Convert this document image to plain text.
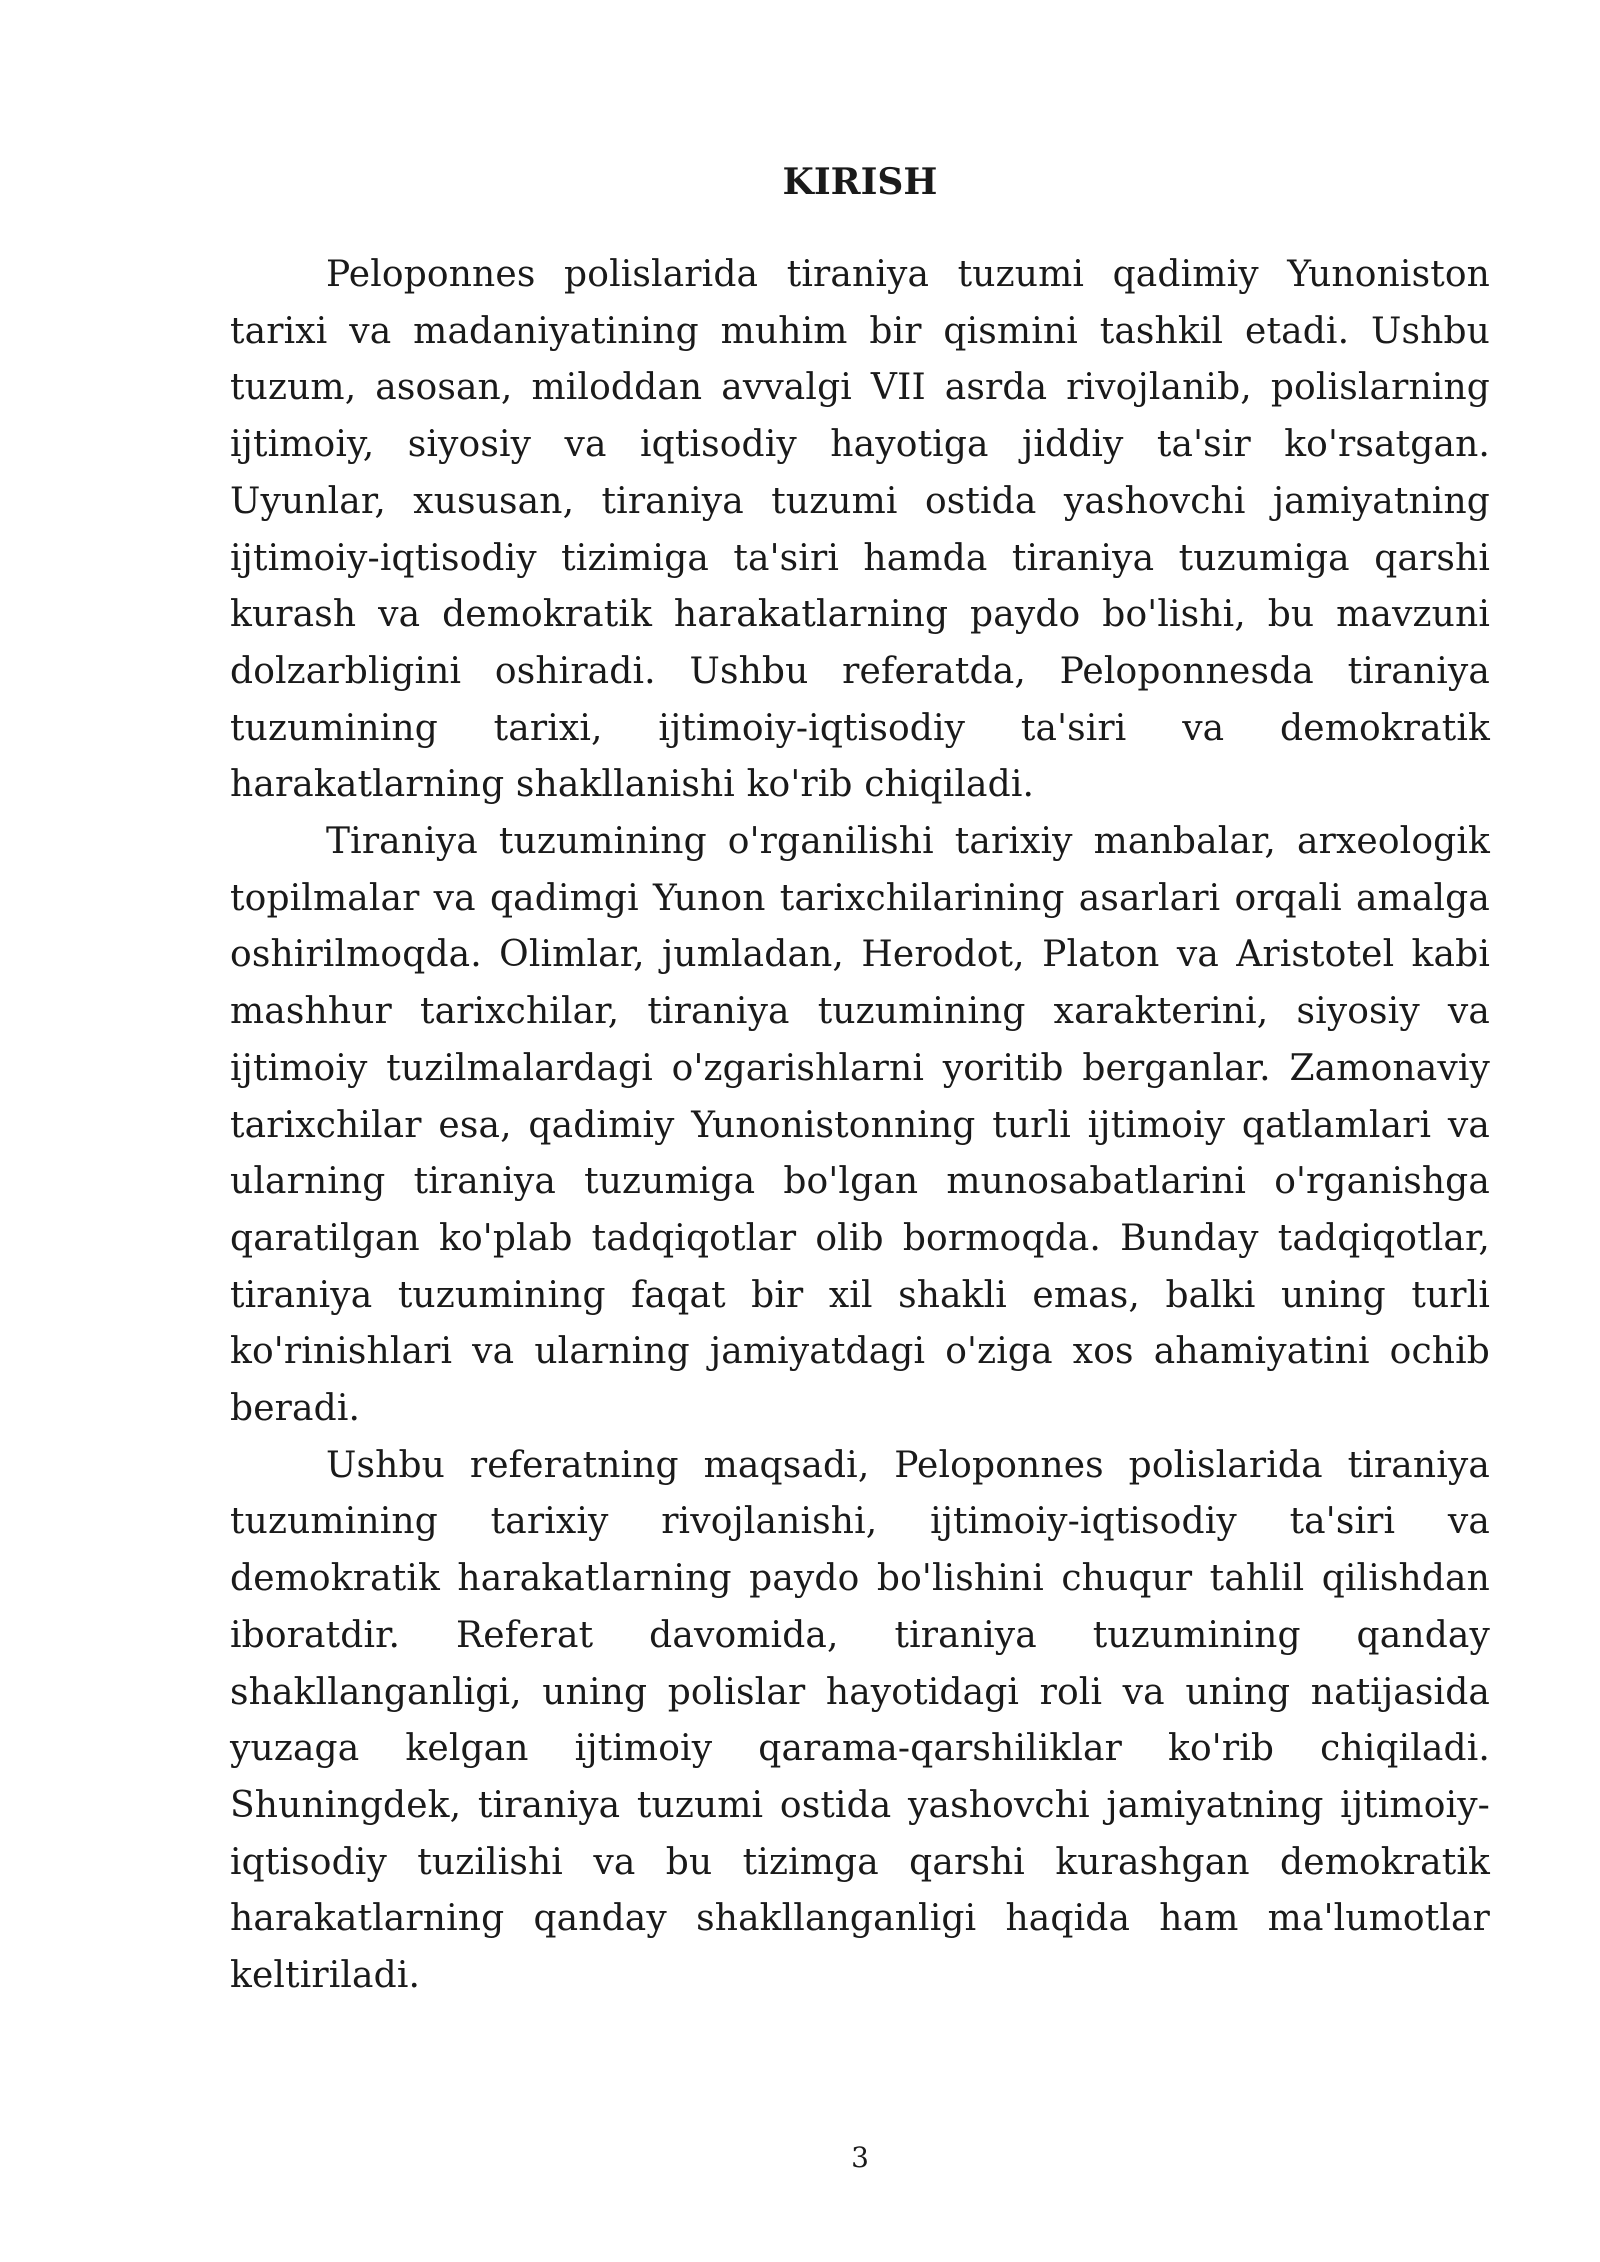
KIRISH

Peloponnes polislarida tiraniya tuzumi qadimiy Yunoniston tarixi va madaniyatining muhim bir qismini tashkil etadi. Ushbu tuzum, asosan, miloddan avvalgi VII asrda rivojlanib, polislarning ijtimoiy, siyosiy va iqtisodiy hayotiga jiddiy ta'sir ko'rsatgan. Uyunlar, xususan, tiraniya tuzumi ostida yashovchi jamiyatning ijtimoiy-iqtisodiy tizimiga ta'siri hamda tiraniya tuzumiga qarshi kurash va demokratik harakatlarning paydo bo'lishi, bu mavzuni dolzarbligini oshiradi. Ushbu referatda, Peloponnesda tiraniya tuzumining tarixi, ijtimoiy-iqtisodiy ta'siri va demokratik harakatlarning shakllanishi ko'rib chiqiladi.

Tiraniya tuzumining o'rganilishi tarixiy manbalar, arxeologik topilmalar va qadimgi Yunon tarixchilarining asarlari orqali amalga oshirilmoqda. Olimlar, jumladan, Herodot, Platon va Aristotel kabi mashhur tarixchilar, tiraniya tuzumining xarakterini, siyosiy va ijtimoiy tuzilmalardagi o'zgarishlarni yoritib berganlar. Zamonaviy tarixchilar esa, qadimiy Yunonistonning turli ijtimoiy qatlamlari va ularning tiraniya tuzumiga bo'lgan munosabatlarini o'rganishga qaratilgan ko'plab tadqiqotlar olib bormoqda. Bunday tadqiqotlar, tiraniya tuzumining faqat bir xil shakli emas, balki uning turli ko'rinishlari va ularning jamiyatdagi o'ziga xos ahamiyatini ochib beradi.

Ushbu referatning maqsadi, Peloponnes polislarida tiraniya tuzumining tarixiy rivojlanishi, ijtimoiy-iqtisodiy ta'siri va demokratik harakatlarning paydo bo'lishini chuqur tahlil qilishdan iboratdir. Referat davomida, tiraniya tuzumining qanday shakllanganligi, uning polislar hayotidagi roli va uning natijasida yuzaga kelgan ijtimoiy qarama-qarshiliklar ko'rib chiqiladi. Shuningdek, tiraniya tuzumi ostida yashovchi jamiyatning ijtimoiy-iqtisodiy tuzilishi va bu tizimga qarshi kurashgan demokratik harakatlarning qanday shakllanganligi haqida ham ma'lumotlar keltiriladi.

3
